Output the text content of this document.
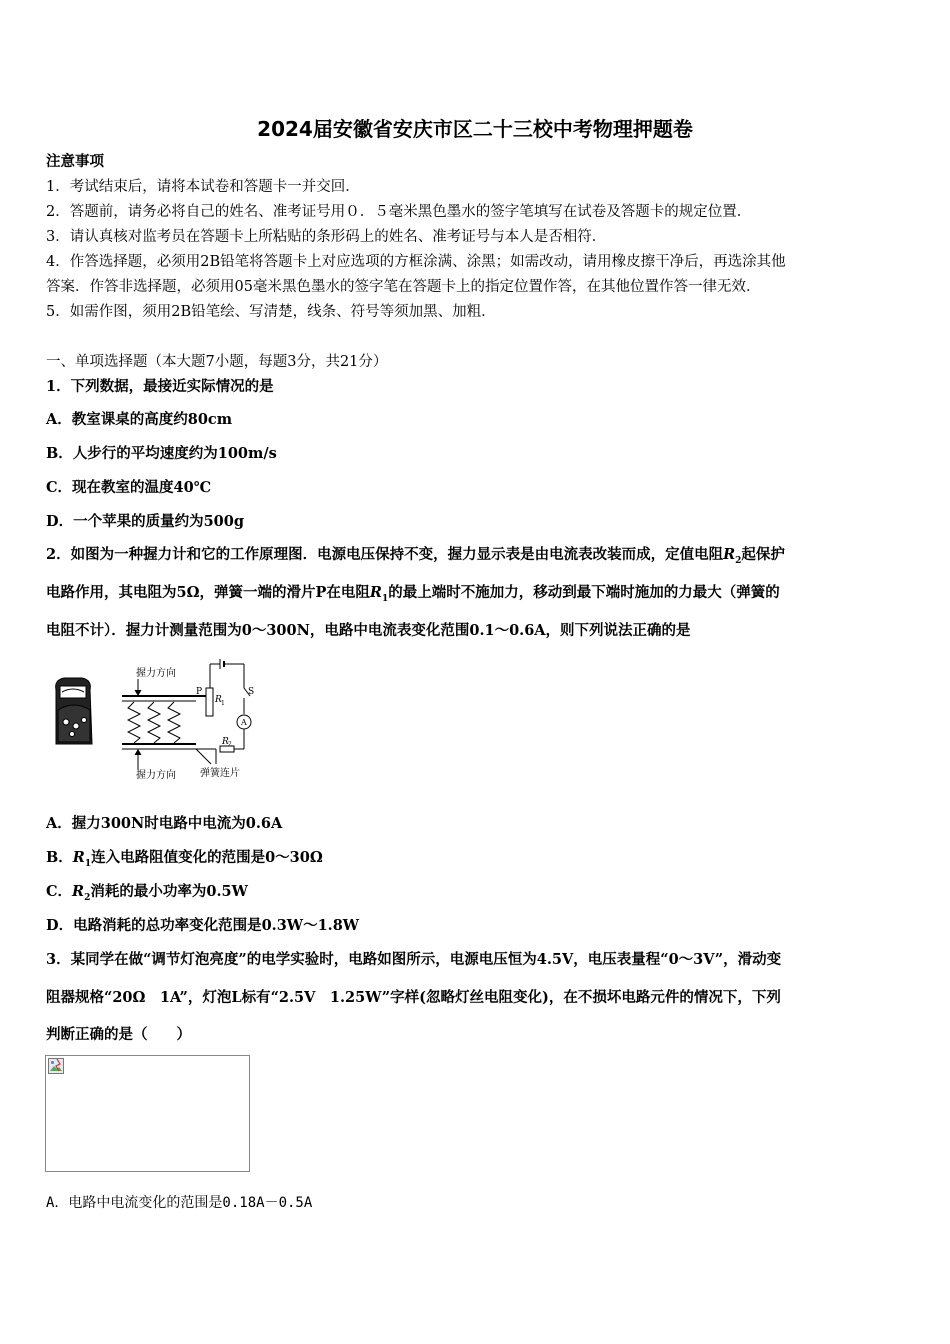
2024届安徽省安庆市区二十三校中考物理押题卷
注意事项
1．考试结束后，请将本试卷和答题卡一并交回．
2．答题前，请务必将自己的姓名、准考证号用０．５毫米黑色墨水的签字笔填写在试卷及答题卡的规定位置．
3．请认真核对监考员在答题卡上所粘贴的条形码上的姓名、准考证号与本人是否相符．
4．作答选择题，必须用2B铅笔将答题卡上对应选项的方框涂满、涂黑；如需改动，请用橡皮擦干净后，再选涂其他
答案．作答非选择题，必须用05毫米黑色墨水的签字笔在答题卡上的指定位置作答，在其他位置作答一律无效．
5．如需作图，须用2B铅笔绘、写清楚，线条、符号等须加黑、加粗．
一、单项选择题（本大题7小题，每题3分，共21分）
1．下列数据，最接近实际情况的是
A．教室课桌的高度约80cm
B．人步行的平均速度约为100m/s
C．现在教室的温度40℃
D．一个苹果的质量约为500g
2．如图为一种握力计和它的工作原理图．电源电压保持不变，握力显示表是由电流表改装而成，定值电阻$R_2$起保护
电路作用，其电阻为5Ω，弹簧一端的滑片P在电阻$R_1$的最上端时不施加力，移动到最下端时施加的力最大（弹簧的
电阻不计）．握力计测量范围为0～300N，电路中电流表变化范围0.1～0.6A，则下列说法正确的是
握力方向
握力方向 弹簧连片
P
R 1
R 2
S
A
A．握力300N时电路中电流为0.6A
B．$R_1$连入电路阻值变化的范围是0～30Ω
C．$R_2$消耗的最小功率为0.5W
D．电路消耗的总功率变化范围是0.3W～1.8W
3．某同学在做“调节灯泡亮度”的电学实验时，电路如图所示，电源电压恒为4.5V，电压表量程“0～3V”，滑动变
阻器规格“20Ω　1A”，灯泡L标有“2.5V　1.25W”字样(忽略灯丝电阻变化)，在不损坏电路元件的情况下，下列
判断正确的是（　　）
A．电路中电流变化的范围是0.18A－0.5A
